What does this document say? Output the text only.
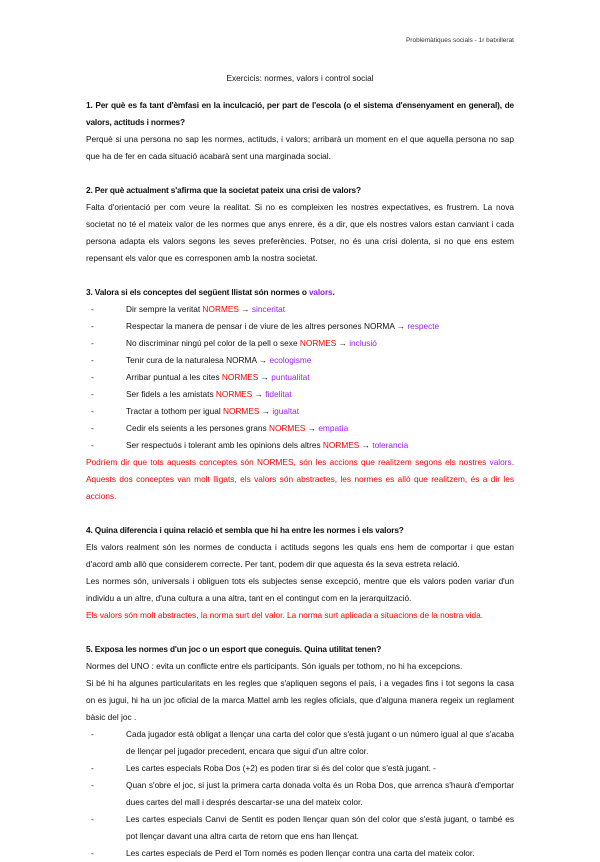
Problemàtiques socials - 1r batxillerat

Exercicis: normes, valors i control social

1. Per què es fa tant d'èmfasi en la inculcació, per part de l'escola (o el sistema d'ensenyament en general), de valors, actituds i normes?

Perquè si una persona no sap les normes, actituds, i valors; arribarà un moment en el que aquella persona no sap que ha de fer en cada situació acabarà sent una marginada social.

2. Per què actualment s'afirma que la societat pateix una crisi de valors?

Falta d'orientació per com veure la realitat. Si no es compleixen les nostres expectatives, es frustrem. La nova societat no té el mateix valor de les normes que anys enrere, és a dir, que els nostres valors estan canviant i cada persona adapta els valors segons les seves preferències. Potser, no és una crisi dolenta, si no que ens estem repensant els valor que es corresponen amb la nostra societat.

3. Valora si els conceptes del següent llistat són normes o valors.

- Dir sempre la veritat NORMES → sinceritat
- Respectar la manera de pensar i de viure de les altres persones NORMA → respecte
- No discriminar ningú pel color de la pell o sexe NORMES → inclusió
- Tenir cura de la naturalesa NORMA → ecologisme
- Arribar puntual a les cites NORMES → puntualitat
- Ser fidels a les amistats NORMES → fidelitat
- Tractar a tothom per igual NORMES → igualtat
- Cedir els seients a les persones grans NORMES → empatía
- Ser respectuós i tolerant amb les opinions dels altres NORMES → tolerancia

Podríem dir que tots aquests conceptes són NORMES, són les accions que realitzem segons els nostres valors. Aquests dos conceptes van molt lligats, els valors són abstractes, les normes es allò que realitzem, és a dir les accions.

4. Quina diferencia i quina relació et sembla que hi ha entre les normes i els valors?

Els valors realment són les normes de conducta i actituds segons les quals ens hem de comportar i que estan d'acord amb allò que considerem correcte. Per tant, podem dir que aquesta és la seva estreta relació.

Les normes són, universals i obliguen tots els subjectes sense excepció, mentre que els valors poden variar d'un individu a un altre, d'una cultura a una altra, tant en el contingut com en la jerarquització.

Els valors són molt abstractes, la norma surt del valor. La norma surt aplicada a situacions de la nostra vida.

5. Exposa les normes d'un joc o un esport que coneguis. Quina utilitat tenen?

Normes del UNO : evita un conflicte entre els participants. Són iguals per tothom, no hi ha excepcions.

Si bé hi ha algunes particularitats en les regles que s'apliquen segons el país, i a vegades fins i tot segons la casa on es jugui, hi ha un joc oficial de la marca Mattel amb les regles oficials, que d'alguna manera regeix un reglament bàsic del joc .

- Cada jugador està obligat a llençar una carta del color que s'està jugant o un número igual al que s'acaba de llençar pel jugador precedent, encara que sigui d'un altre color.
- Les cartes especials Roba Dos (+2) es poden tirar si és del color que s'està jugant. -
- Quan s'obre el joc, si just la primera carta donada volta és un Roba Dos, que arrenca s'haurà d'emportar dues cartes del mall i després descartar-se una del mateix color.
- Les cartes especials Canvi de Sentit es poden llençar quan són del color que s'està jugant, o també es pot llençar davant una altra carta de retorn que ens han llençat.
- Les cartes especials de Perd el Torn només es poden llençar contra una carta del mateix color.
